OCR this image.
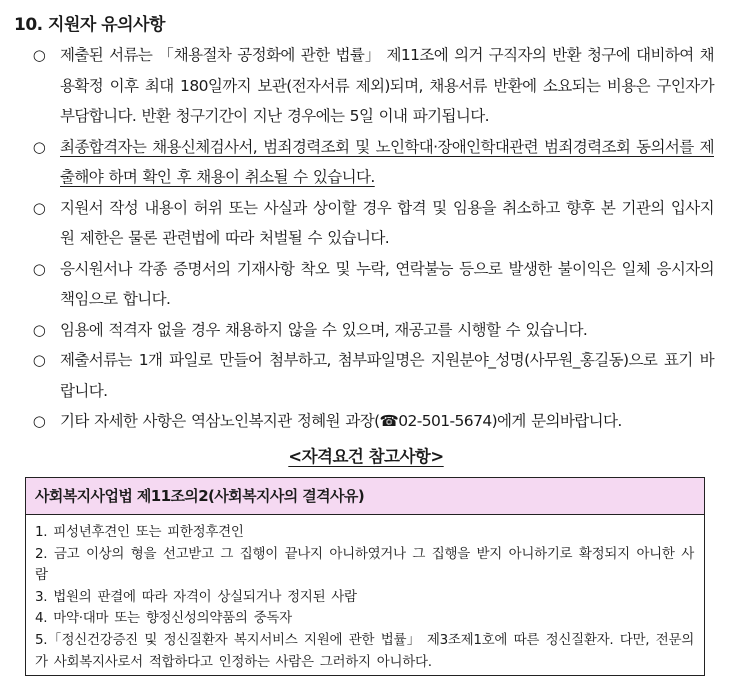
10. 지원자 유의사항
○ 제출된 서류는 「채용절차 공정화에 관한 법률」 제11조에 의거 구직자의 반환 청구에 대비하여 채용확정 이후 최대 180일까지 보관(전자서류 제외)되며, 채용서류 반환에 소요되는 비용은 구인자가 부담합니다. 반환 청구기간이 지난 경우에는 5일 이내 파기됩니다.
○ 최종합격자는 채용신체검사서, 범죄경력조회 및 노인학대·장애인학대관련 범죄경력조회 동의서를 제출해야 하며 확인 후 채용이 취소될 수 있습니다.
○ 지원서 작성 내용이 허위 또는 사실과 상이할 경우 합격 및 임용을 취소하고 향후 본 기관의 입사지원 제한은 물론 관련법에 따라 처벌될 수 있습니다.
○ 응시원서나 각종 증명서의 기재사항 착오 및 누락, 연락불능 등으로 발생한 불이익은 일체 응시자의 책임으로 합니다.
○ 임용에 적격자 없을 경우 채용하지 않을 수 있으며, 재공고를 시행할 수 있습니다.
○ 제출서류는 1개 파일로 만들어 첨부하고, 첨부파일명은 지원분야_성명(사무원_홍길동)으로 표기 바랍니다.
○ 기타 자세한 사항은 역삼노인복지관 정혜원 과장(☎02-501-5674)에게 문의바랍니다.
<자격요건 참고사항>
사회복지사업법 제11조의2(사회복지사의 결격사유)
1. 피성년후견인 또는 피한정후견인
2. 금고 이상의 형을 선고받고 그 집행이 끝나지 아니하였거나 그 집행을 받지 아니하기로 확정되지 아니한 사람
3. 법원의 판결에 따라 자격이 상실되거나 정지된 사람
4. 마약·대마 또는 향정신성의약품의 중독자
5.「정신건강증진 및 정신질환자 복지서비스 지원에 관한 법률」 제3조제1호에 따른 정신질환자. 다만, 전문의가 사회복지사로서 적합하다고 인정하는 사람은 그러하지 아니하다.
